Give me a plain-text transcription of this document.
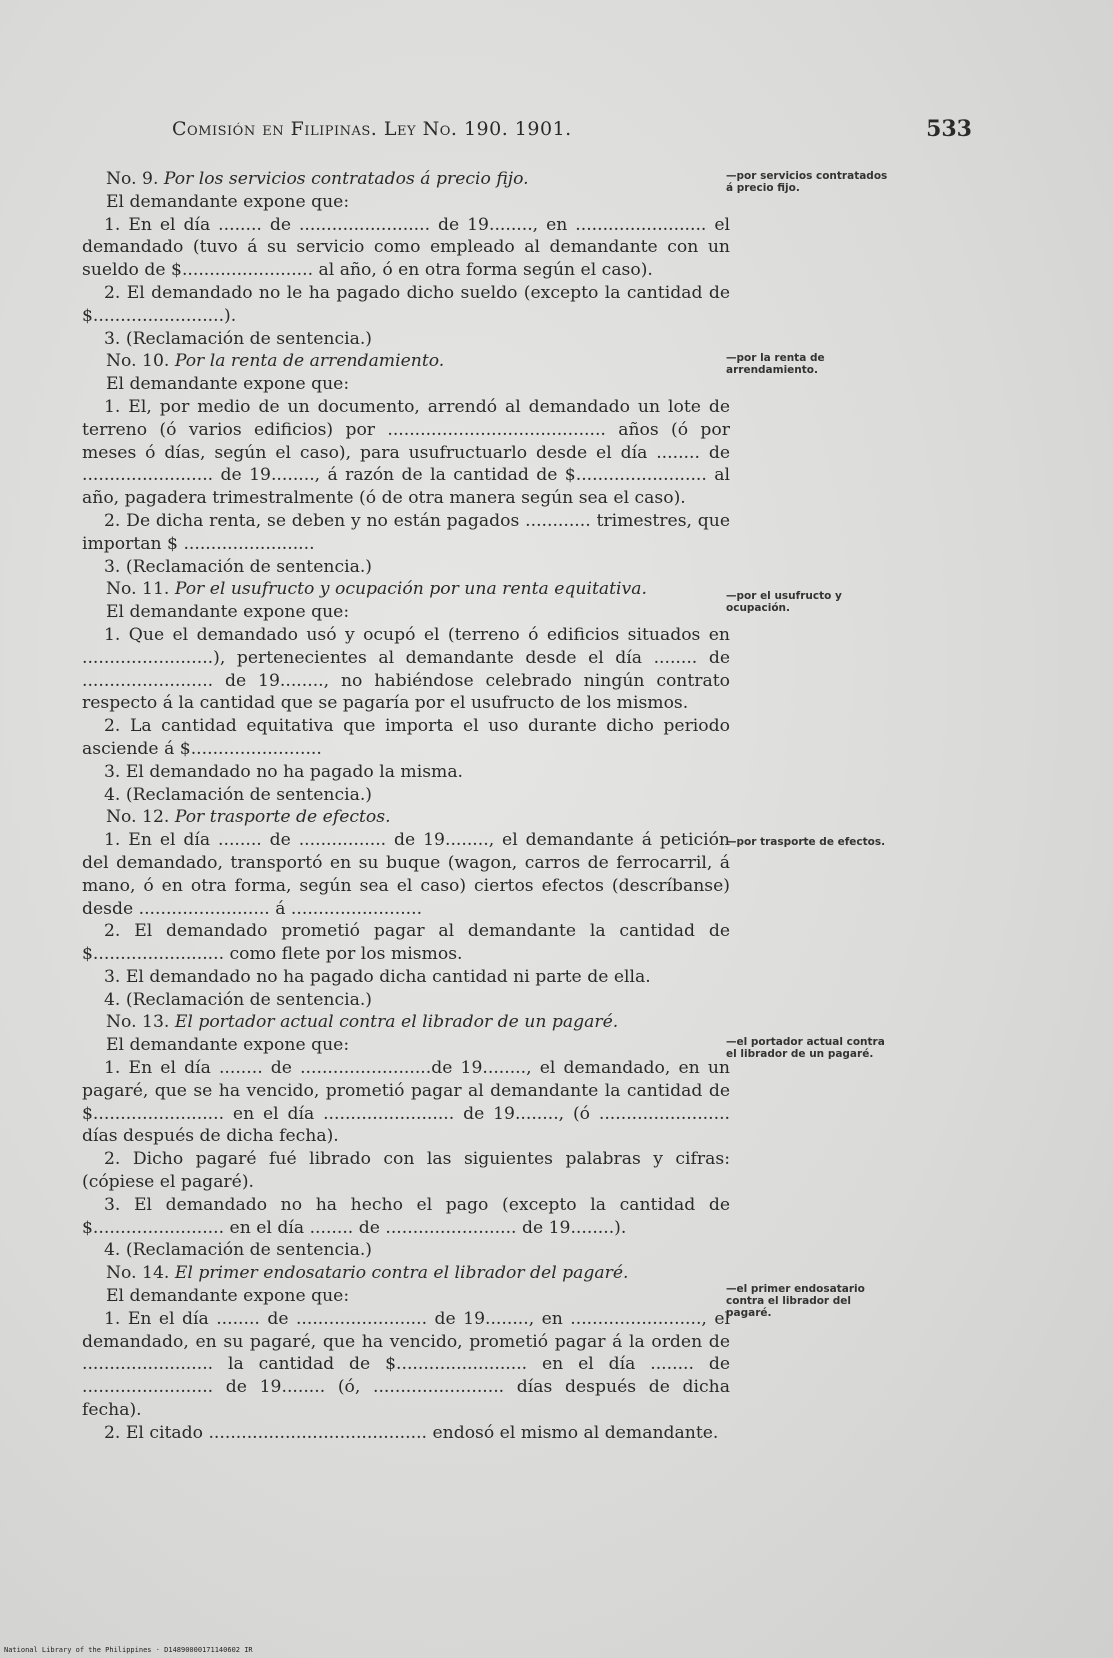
Comisión en Filipinas. Ley No. 190. 1901.	533
—por servicios contratados á precio fijo.
—por la renta de arrendamiento.
—por el usufructo y ocupación.
—por trasporte de efectos.
—el portador actual contra el librador de un pagaré.
—el primer endosatario contra el librador del pagaré.

No. 9. Por los servicios contratados á precio fijo.

El demandante expone que:

1. En el día ........ de ........................ de 19........, en ........................ el demandado (tuvo á su servicio como empleado al demandante con un sueldo de $........................ al año, ó en otra forma según el caso).

2. El demandado no le ha pagado dicho sueldo (excepto la cantidad de $........................).

3. (Reclamación de sentencia.)

No. 10. Por la renta de arrendamiento.

El demandante expone que:

1. El, por medio de un documento, arrendó al demandado un lote de terreno (ó varios edificios) por ........................................ años (ó por meses ó días, según el caso), para usufructuarlo desde el día ........ de ........................ de 19........, á razón de la cantidad de $........................ al año, pagadera trimestralmente (ó de otra manera según sea el caso).

2. De dicha renta, se deben y no están pagados ............ trimestres, que importan $ ........................

3. (Reclamación de sentencia.)

No. 11. Por el usufructo y ocupación por una renta equitativa.

El demandante expone que:

1. Que el demandado usó y ocupó el (terreno ó edificios situados en ........................), pertenecientes al demandante desde el día ........ de ........................ de 19........, no habiéndose celebrado ningún contrato respecto á la cantidad que se pagaría por el usufructo de los mismos.

2. La cantidad equitativa que importa el uso durante dicho periodo asciende á $........................

3. El demandado no ha pagado la misma.

4. (Reclamación de sentencia.)

No. 12. Por trasporte de efectos.

1. En el día ........ de ................ de 19........, el demandante á petición del demandado, transportó en su buque (wagon, carros de ferrocarril, á mano, ó en otra forma, según sea el caso) ciertos efectos (descríbanse) desde ........................ á ........................

2. El demandado prometió pagar al demandante la cantidad de $........................ como flete por los mismos.

3. El demandado no ha pagado dicha cantidad ni parte de ella.

4. (Reclamación de sentencia.)

No. 13. El portador actual contra el librador de un pagaré.

El demandante expone que:

1. En el día ........ de ........................de 19........, el demandado, en un pagaré, que se ha vencido, prometió pagar al demandante la cantidad de $........................ en el día ........................ de 19........, (ó ........................ días después de dicha fecha).

2. Dicho pagaré fué librado con las siguientes palabras y cifras: (cópiese el pagaré).

3. El demandado no ha hecho el pago (excepto la cantidad de $........................ en el día ........ de ........................ de 19........).

4. (Reclamación de sentencia.)

No. 14. El primer endosatario contra el librador del pagaré.

El demandante expone que:

1. En el día ........ de ........................ de 19........, en ........................, el demandado, en su pagaré, que ha vencido, prometió pagar á la orden de ........................ la cantidad de $........................ en el día ........ de ........................ de 19........ (ó, ........................ días después de dicha fecha).

2. El citado ........................................ endosó el mismo al demandante.

National Library of the Philippines · D14890000171140602 IR
